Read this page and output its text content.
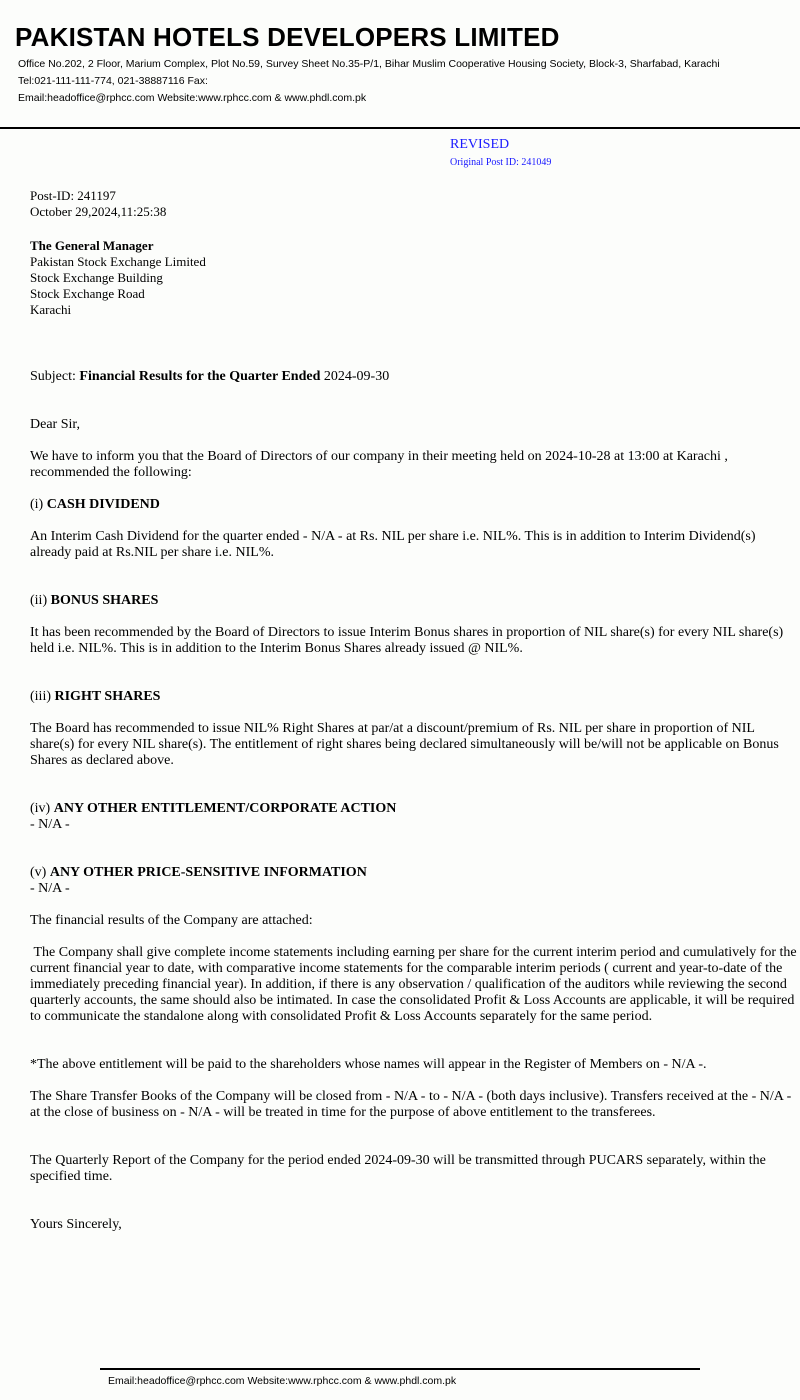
PAKISTAN HOTELS DEVELOPERS LIMITED
Office No.202, 2 Floor, Marium Complex, Plot No.59, Survey Sheet No.35-P/1, Bihar Muslim Cooperative Housing Society, Block-3, Sharfabad, Karachi
Tel:021-111-111-774, 021-38887116 Fax:
Email:headoffice@rphcc.com Website:www.rphcc.com & www.phdl.com.pk
REVISED
Original Post ID: 241049
Post-ID: 241197
October 29,2024,11:25:38
The General Manager
Pakistan Stock Exchange Limited
Stock Exchange Building
Stock Exchange Road
Karachi
Subject: Financial Results for the Quarter Ended 2024-09-30
Dear Sir,
We have to inform you that the Board of Directors of our company in their meeting held on 2024-10-28 at 13:00 at Karachi , recommended the following:
(i) CASH DIVIDEND
An Interim Cash Dividend for the quarter ended - N/A - at Rs. NIL per share i.e. NIL%. This is in addition to Interim Dividend(s) already paid at Rs.NIL per share i.e. NIL%.
(ii) BONUS SHARES
It has been recommended by the Board of Directors to issue Interim Bonus shares in proportion of NIL share(s) for every NIL share(s) held i.e. NIL%. This is in addition to the Interim Bonus Shares already issued @ NIL%.
(iii) RIGHT SHARES
The Board has recommended to issue NIL% Right Shares at par/at a discount/premium of Rs. NIL per share in proportion of NIL share(s) for every NIL share(s). The entitlement of right shares being declared simultaneously will be/will not be applicable on Bonus Shares as declared above.
(iv) ANY OTHER ENTITLEMENT/CORPORATE ACTION
- N/A -
(v) ANY OTHER PRICE-SENSITIVE INFORMATION
- N/A -
The financial results of the Company are attached:
The Company shall give complete income statements including earning per share for the current interim period and cumulatively for the current financial year to date, with comparative income statements for the comparable interim periods ( current and year-to-date of the immediately preceding financial year). In addition, if there is any observation / qualification of the auditors while reviewing the second quarterly accounts, the same should also be intimated. In case the consolidated Profit & Loss Accounts are applicable, it will be required to communicate the standalone along with consolidated Profit & Loss Accounts separately for the same period.
*The above entitlement will be paid to the shareholders whose names will appear in the Register of Members on - N/A -.
The Share Transfer Books of the Company will be closed from - N/A - to - N/A - (both days inclusive). Transfers received at the - N/A - at the close of business on - N/A - will be treated in time for the purpose of above entitlement to the transferees.
The Quarterly Report of the Company for the period ended 2024-09-30 will be transmitted through PUCARS separately, within the specified time.
Yours Sincerely,
Email:headoffice@rphcc.com Website:www.rphcc.com & www.phdl.com.pk
